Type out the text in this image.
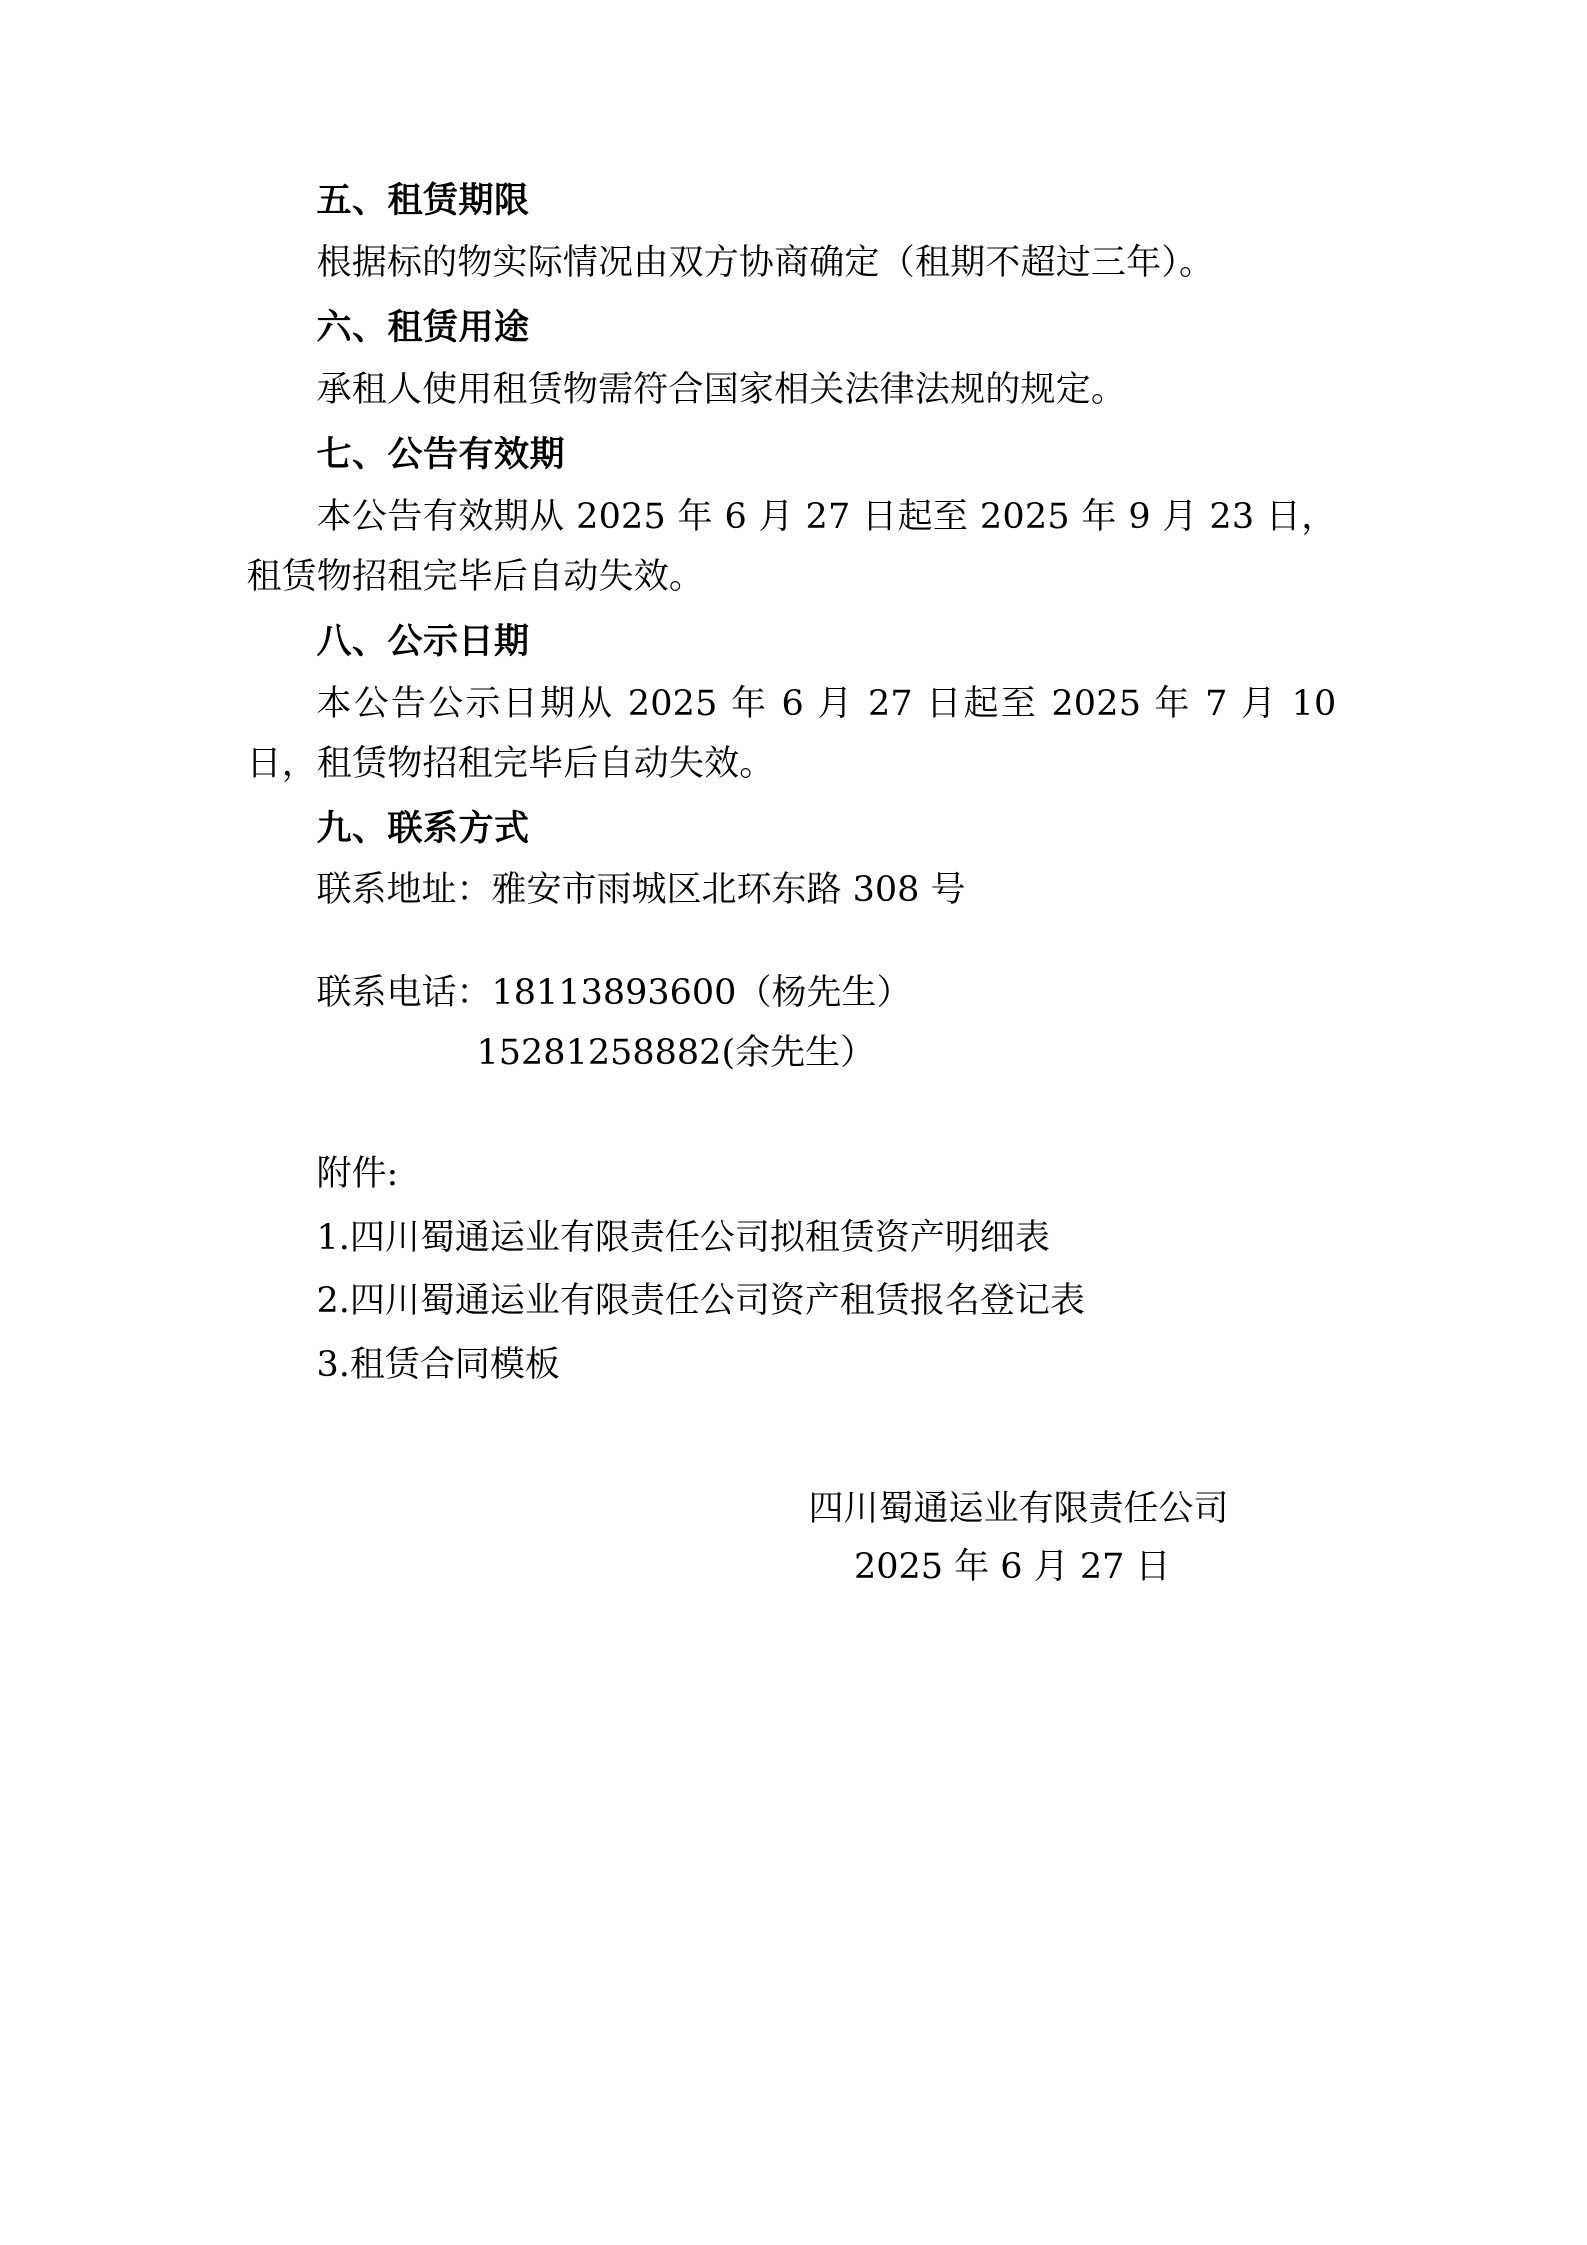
五、租赁期限

根据标的物实际情况由双方协商确定（租期不超过三年）。

六、租赁用途

承租人使用租赁物需符合国家相关法律法规的规定。

七、公告有效期

本公告有效期从 2025 年 6 月 27 日起至 2025 年 9 月 23 日，租赁物招租完毕后自动失效。

八、公示日期

本公告公示日期从 2025 年 6 月 27 日起至 2025 年 7 月 10 日，租赁物招租完毕后自动失效。

九、联系方式

联系地址：雅安市雨城区北环东路 308 号

联系电话：18113893600（杨先生）

15281258882(余先生）

附件:

1.四川蜀通运业有限责任公司拟租赁资产明细表

2.四川蜀通运业有限责任公司资产租赁报名登记表

3.租赁合同模板

四川蜀通运业有限责任公司

2025 年 6 月 27 日
